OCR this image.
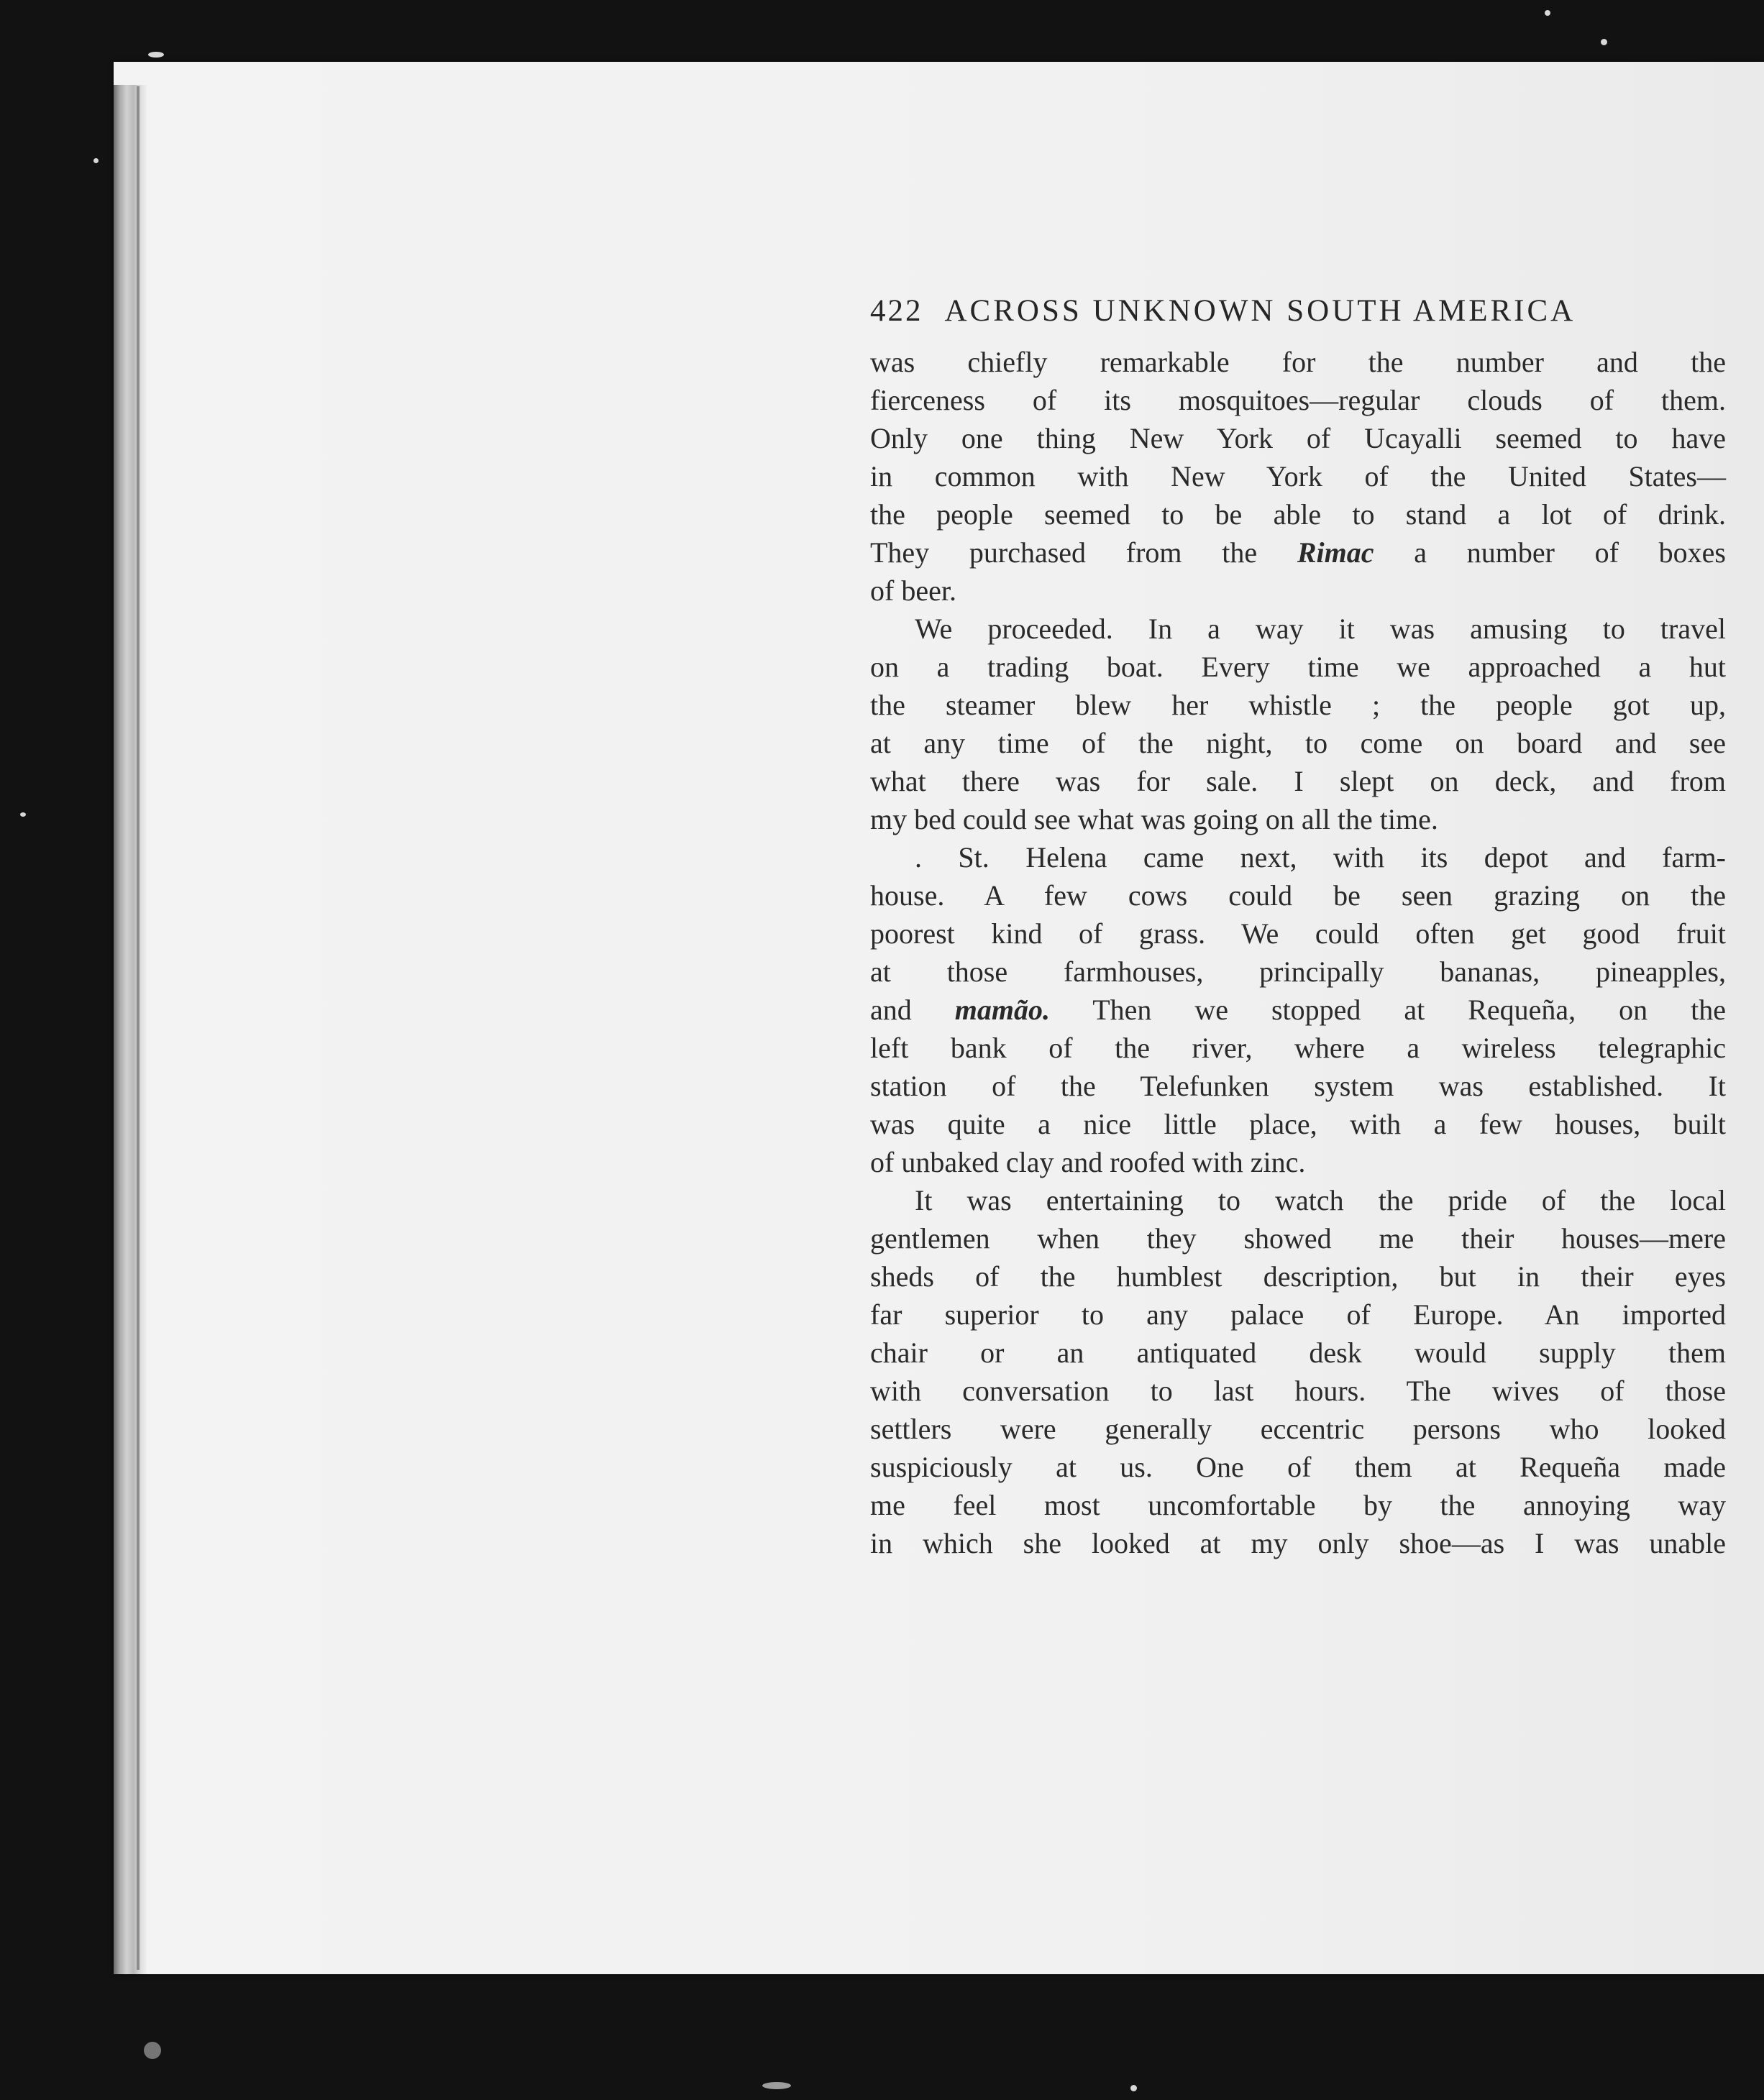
422 ACROSS UNKNOWN SOUTH AMERICA
was chiefly remarkable for the number and the
fierceness of its mosquitoes—regular clouds of them.
Only one thing New York of Ucayalli seemed to have
in common with New York of the United States—
the people seemed to be able to stand a lot of drink.
They purchased from the Rimac a number of boxes
of beer.
We proceeded. In a way it was amusing to travel
on a trading boat. Every time we approached a hut
the steamer blew her whistle ; the people got up,
at any time of the night, to come on board and see
what there was for sale. I slept on deck, and from
my bed could see what was going on all the time.
. St. Helena came next, with its depot and farm-
house. A few cows could be seen grazing on the
poorest kind of grass. We could often get good fruit
at those farmhouses, principally bananas, pineapples,
and mamão. Then we stopped at Requeña, on the
left bank of the river, where a wireless telegraphic
station of the Telefunken system was established. It
was quite a nice little place, with a few houses, built
of unbaked clay and roofed with zinc.
It was entertaining to watch the pride of the local
gentlemen when they showed me their houses—mere
sheds of the humblest description, but in their eyes
far superior to any palace of Europe. An imported
chair or an antiquated desk would supply them
with conversation to last hours. The wives of those
settlers were generally eccentric persons who looked
suspiciously at us. One of them at Requeña made
me feel most uncomfortable by the annoying way
in which she looked at my only shoe—as I was unable
